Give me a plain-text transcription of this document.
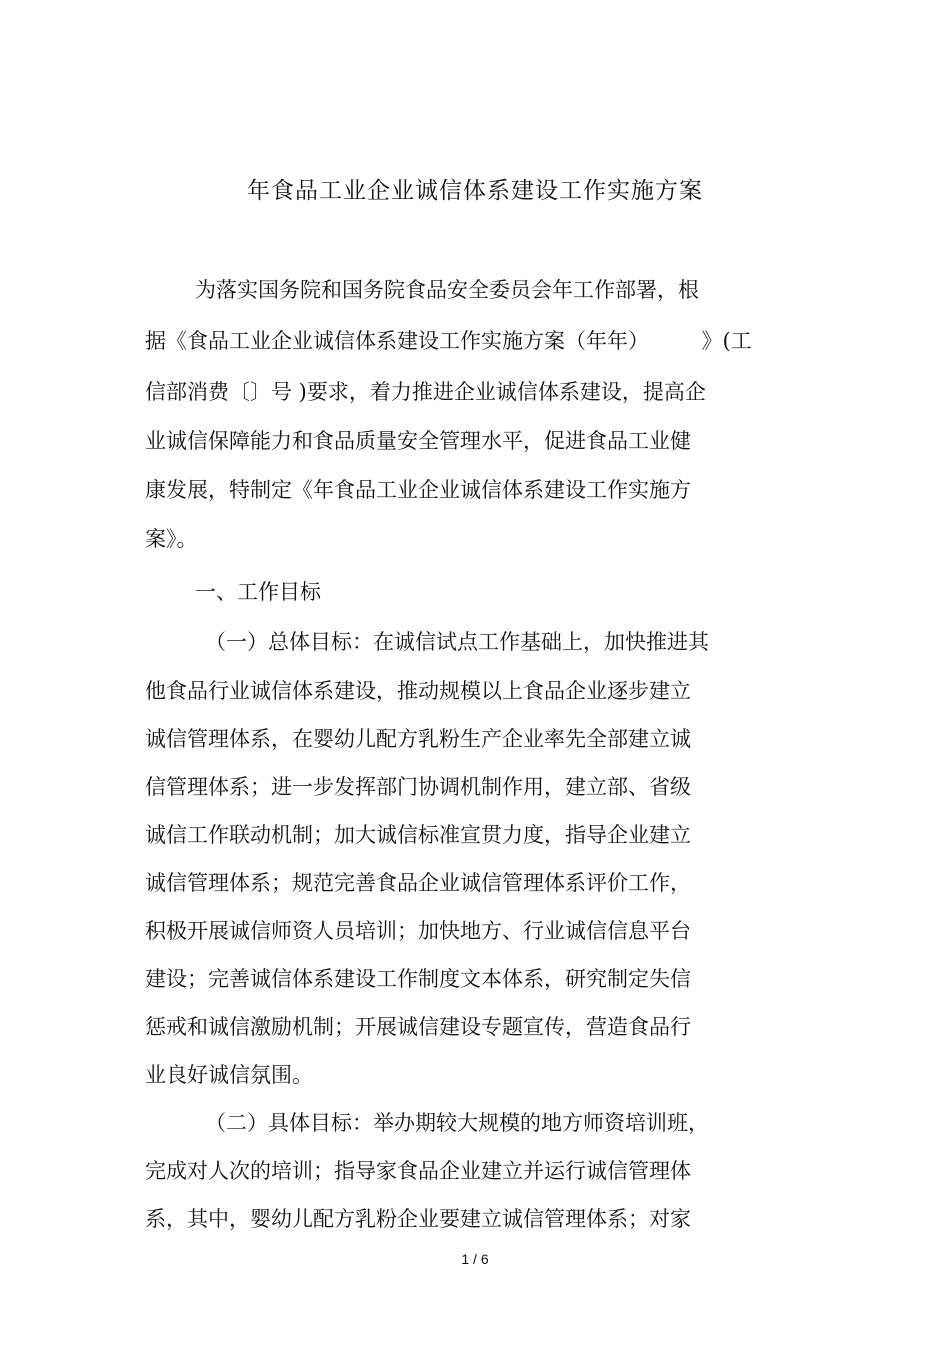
年食品工业企业诚信体系建设工作实施方案

为落实国务院和国务院食品安全委员会年工作部署，根

据《食品工业企业诚信体系建设工作实施方案（年年）　　　》(工

信部消费〔〕号 )要求，着力推进企业诚信体系建设，提高企

业诚信保障能力和食品质量安全管理水平，促进食品工业健

康发展，特制定《年食品工业企业诚信体系建设工作实施方

案》。

一、工作目标

（一）总体目标：在诚信试点工作基础上，加快推进其

他食品行业诚信体系建设，推动规模以上食品企业逐步建立

诚信管理体系，在婴幼儿配方乳粉生产企业率先全部建立诚

信管理体系；进一步发挥部门协调机制作用，建立部、省级

诚信工作联动机制；加大诚信标准宣贯力度，指导企业建立

诚信管理体系；规范完善食品企业诚信管理体系评价工作，

积极开展诚信师资人员培训；加快地方、行业诚信信息平台

建设；完善诚信体系建设工作制度文本体系，研究制定失信

惩戒和诚信激励机制；开展诚信建设专题宣传，营造食品行

业良好诚信氛围。

（二）具体目标：举办期较大规模的地方师资培训班，

完成对人次的培训；指导家食品企业建立并运行诚信管理体

系，其中，婴幼儿配方乳粉企业要建立诚信管理体系；对家

1 / 6
